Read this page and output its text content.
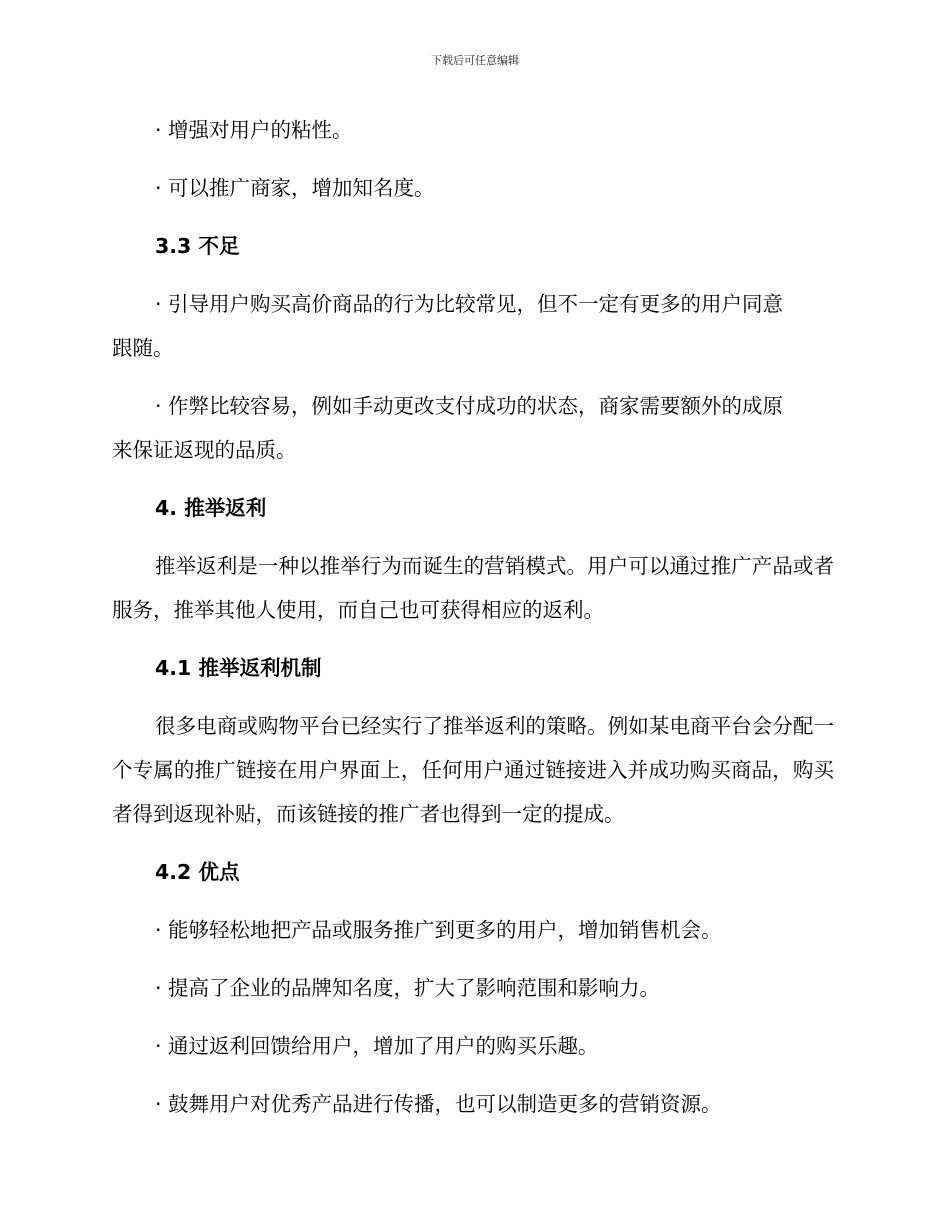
下载后可任意编辑

· 增强对用户的粘性。

· 可以推广商家，增加知名度。

3.3 不足

· 引导用户购买高价商品的行为比较常见，但不一定有更多的用户同意
跟随。
· 作弊比较容易，例如手动更改支付成功的状态，商家需要额外的成原
来保证返现的品质。

4. 推举返利

推举返利是一种以推举行为而诞生的营销模式。用户可以通过推广产品或者服务，推举其他人使用，而自己也可获得相应的返利。

4.1 推举返利机制

很多电商或购物平台已经实行了推举返利的策略。例如某电商平台会分配一个专属的推广链接在用户界面上，任何用户通过链接进入并成功购买商品，购买者得到返现补贴，而该链接的推广者也得到一定的提成。

4.2 优点

· 能够轻松地把产品或服务推广到更多的用户，增加销售机会。

· 提高了企业的品牌知名度，扩大了影响范围和影响力。

· 通过返利回馈给用户，增加了用户的购买乐趣。

· 鼓舞用户对优秀产品进行传播，也可以制造更多的营销资源。
